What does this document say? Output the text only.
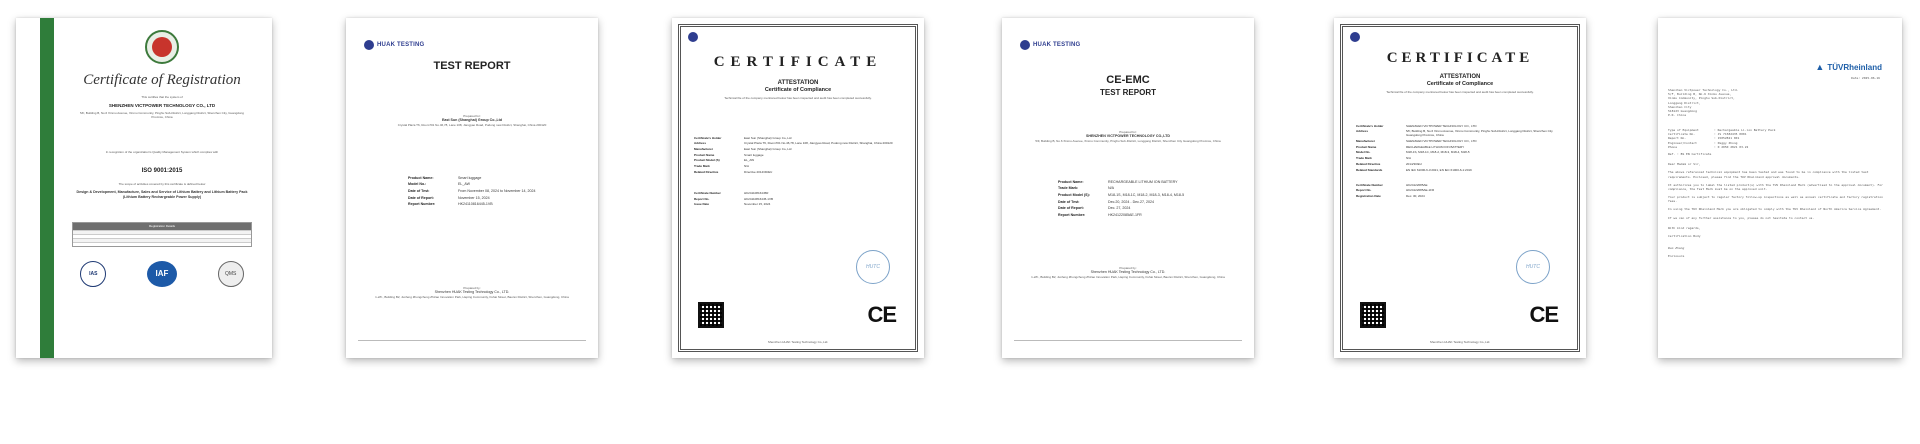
Certificate of Registration
This certifies that the system of
SHENZHEN VICTPOWER TECHNOLOGY CO., LTD
5/F, Building B, No.6 Xinmu Avenue, Xinmu Community, Pinghu Sub-District, Longgang District, Shenzhen City, Guangdong Province, China
In recognition of the organization's Quality Management System which complies with
ISO 9001:2015
The scope of activities covered by this certificate is defined below
Design & Development, Manufacture, Sales and Service of Lithium Battery and Lithium Battery Pack (Lithium Battery Rechargeable Power Supply)
Registration Details
IAS	IAF	QMS
HUAK TESTING
TEST REPORT
Prepared for:
East Sun (Shanghai) Group Co.,Ltd
Crystal Plaza T6, Room701 No.46,78, Lane 108, Jiangyao Road, Pudong new District, Shanghai, China 200120
Product Name:	Smart luggage
Model No.:	EL_AW
Date of Test:	From November 08, 2024 to November 14, 2024
Date of Report:	November 15, 2024
Report Number:	HK24110816445-1VB
Prepared by:
Shenzhen HUAK Testing Technology Co., LTD.
1-2/F., Building B2, Junfeng Zhongcheng Zhizao Innovation Park, Heping Community, Fuhai Street, Bao'an District, Shenzhen, Guangdong, China
CERTIFICATE
ATTESTATION
Certificate of Compliance
Technical file of the company mentioned below has been inspected and audit has been completed successfully.
Certificate's Holder	East Sun (Shanghai) Group Co.,Ltd
Address	Crystal Plaza T6, Room701 No.46,78, Lane 108, Jiangyao Road, Pudong new District, Shanghai, China 200120
Manufacturer	East Sun (Shanghai) Group Co.,Ltd
Product Name	Smart luggage
Product Model (S)	EL_AW
Trade Mark	N/A
Related Directive	Directive 2014/30/EU
Certificate Number	HK24110816445R
Report No.	HK24110816445-1VB
Issue Date	November 15, 2024
HUTC
CE
Shenzhen HUAK Testing Technology Co.,Ltd.
HUAK TESTING
CE-EMC
TEST REPORT
Prepared for:
SHENZHEN VICTPOWER TECHNOLOGY CO.,LTD
5/F, Building B, No.6 Xinmu Avenue, Xinmu Community, Pinghu Sub-District, Longgang District, Shenzhen City Guangdong Province, China
Product Name:	RECHARGEABLE LITHIUM ION BATTERY
Trade Mark:	N/A
Product Model (S):	M18-1S, M18-1C, M18-2, M18-3, M18-4, M18-5
Date of Test:	Dec.20, 2024 - Dec.27, 2024
Date of Report:	Dec. 27, 2024
Report Number:	HK24122085AE-1FR
Prepared by:
Shenzhen HUAK Testing Technology Co., LTD.
1-2/F., Building B2, Junfeng Zhongcheng Zhizao Innovation Park, Heping Community, Fuhai Street, Bao'an District, Shenzhen, Guangdong, China
CERTIFICATE
ATTESTATION
Certificate of Compliance
Technical file of the company mentioned below has been inspected and audit has been completed successfully.
Certificate's Holder	SHENZHEN VICTPOWER TECHNOLOGY CO., LTD
Address	5/F, Building B, No.6 Xinmu Avenue, Xinmu Community, Pinghu Sub-District, Longgang District, Shenzhen City Guangdong Province, China
Manufacturer	SHENZHEN VICTPOWER TECHNOLOGY CO., LTD
Product Name	RECHARGEABLE LITHIUM ION BATTERY
Model No.	M18-1S, M18-1C, M18-2, M18-3, M18-4, M18-5
Trade Mark	N/A
Related Directive	2014/30/EU
Related Standards	EN IEC 61000-6-3:2021, EN IEC 61000-6-1:2019
Certificate Number	HK24122085AE
Report No.	HK24122085AE-1FR
Registration Date	Dec. 30, 2024
HUTC
CE
Shenzhen HUAK Testing Technology Co.,Ltd.
▲ TÜVRheinland
Date: 2025-06-16
Shenzhen Victpower Technology Co., Ltd.
5/F, Building B, No.6 Xinmu Avenue,
Xinmu Community, Pinghu Sub-District,
Longgang District,
Shenzhen City
518123 Guangdong
P.R. China
Type of Equipment	: Rechargeable Li-ion Battery Pack
Certificate No.	: JS 71582435 0001
Report No.	: 15052821 001
Engineer/Contact	: Peggy Zhong
Phone	: 0 2050 2821 03.22
Ref. : BS EN Certificate
Dear Madam or Sir,
The above referenced technical equipment has been tested and was found to be in compliance with the listed test requirements. Enclosed, please find the TUV Rheinland approval documents.
It authorizes you to label the listed product(s) with the TUV Rheinland Mark (advertised to the approval document). For compliance, the Test Mark must be on the approved unit.
Your product is subject to regular factory follow-up inspections as well as annual certificate and factory registration fees.
In using the TUV Rheinland Mark you are obligated to comply with the TUV Rheinland of North America Service Agreement.
If we can of any further assistance to you, please do not hesitate to contact us.
With kind regards,
Certification Body
Ruo Zhong
Enclosure
